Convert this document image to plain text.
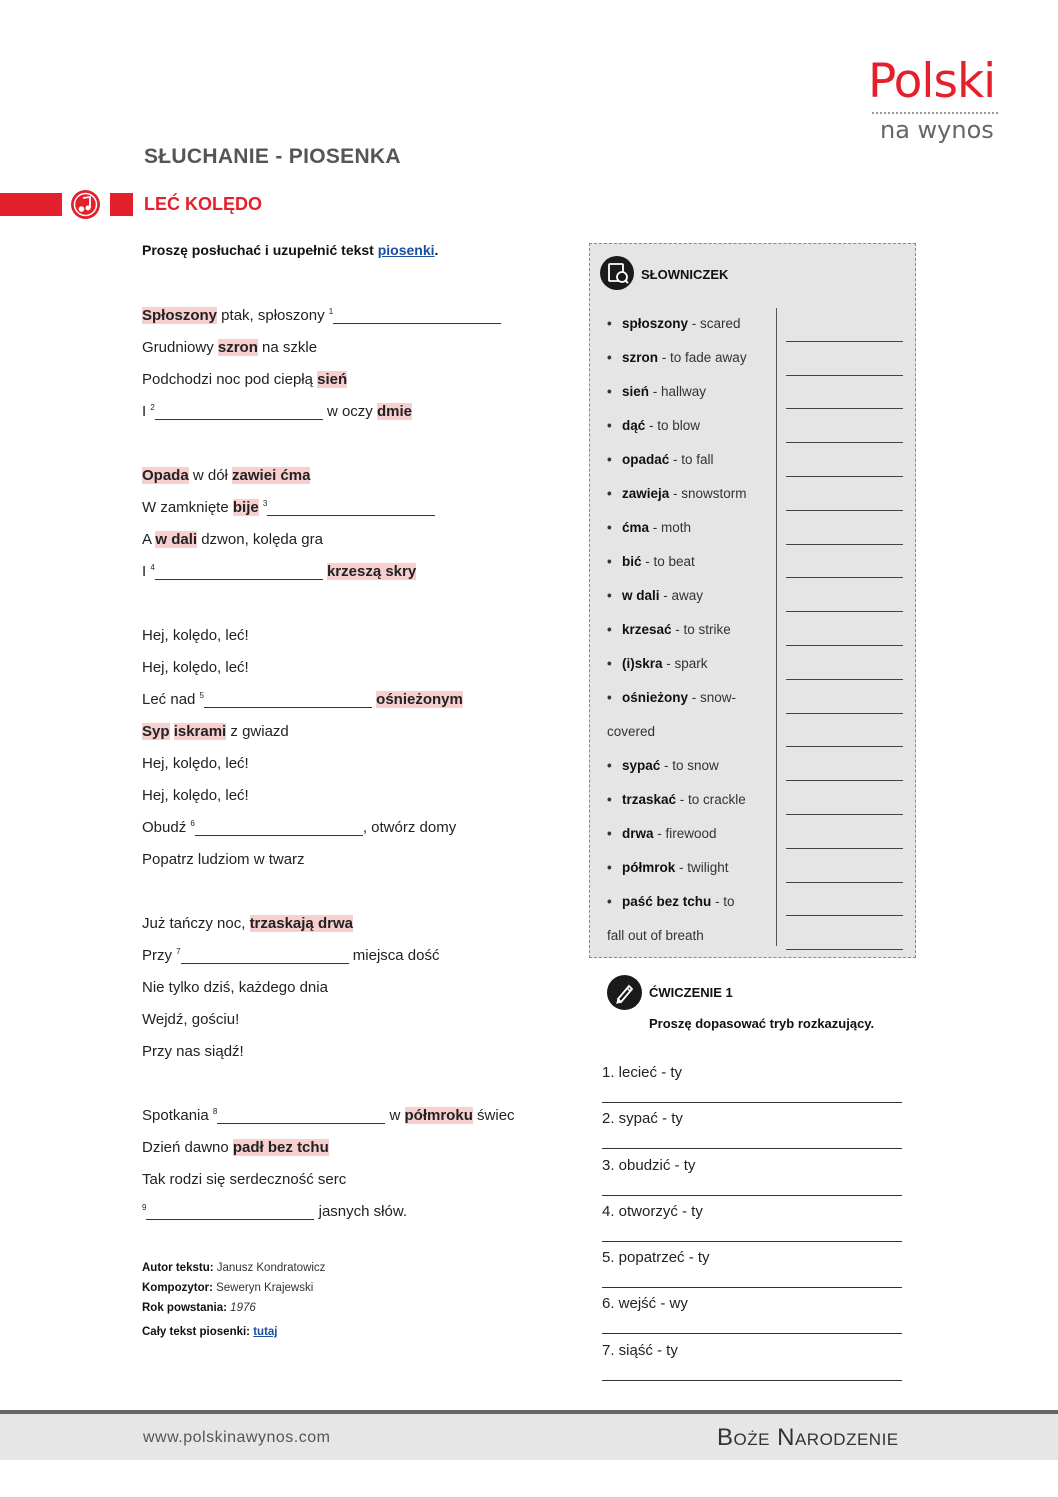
Polski
na wynos
SŁUCHANIE - PIOSENKA
LEĆ KOLĘDO
Proszę posłuchać i uzupełnić tekst piosenki.
Spłoszony ptak, spłoszony $^1$
Grudniowy szron na szkle
Podchodzi noc pod ciepłą sień
I $^2$	w oczy dmie
Opada w dół zawiei ćma
W zamknięte bije $^3$
A w dali dzwon, kolęda gra
I $^4$	krzeszą skry
Hej, kolędo, leć!
Hej, kolędo, leć!
Leć nad $^5$	ośnieżonym
Syp iskrami z gwiazd
Hej, kolędo, leć!
Hej, kolędo, leć!
Obudź $^6$	, otwórz domy
Popatrz ludziom w twarz
Już tańczy noc, trzaskają drwa
Przy $^7$	miejsca dość
Nie tylko dziś, każdego dnia
Wejdź, gościu!
Przy nas siądź!
Spotkania $^8$	w półmroku świec
Dzień dawno padł bez tchu
Tak rodzi się serdeczność serc
$^9$	jasnych słów.
Autor tekstu: Janusz Kondratowicz
Kompozytor: Seweryn Krajewski
Rok powstania: 1976
Cały tekst piosenki: tutaj
SŁOWNICZEK
• spłoszony - scared
• szron - to fade away
• sień - hallway
• dąć - to blow
• opadać - to fall
• zawieja - snowstorm
• ćma - moth
• bić - to beat
• w dali - away
• krzesać - to strike
• (i)skra - spark
• ośnieżony - snow-
covered
• sypać - to snow
• trzaskać - to crackle
• drwa - firewood
• półmrok - twilight
• paść bez tchu - to
fall out of breath
ĆWICZENIE 1
Proszę dopasować tryb rozkazujący.
1. lecieć - ty
2. sypać - ty
3. obudzić - ty
4. otworzyć - ty
5. popatrzeć - ty
6. wejść - wy
7. siąść - ty
www.polskinawynos.com	Boże Narodzenie
